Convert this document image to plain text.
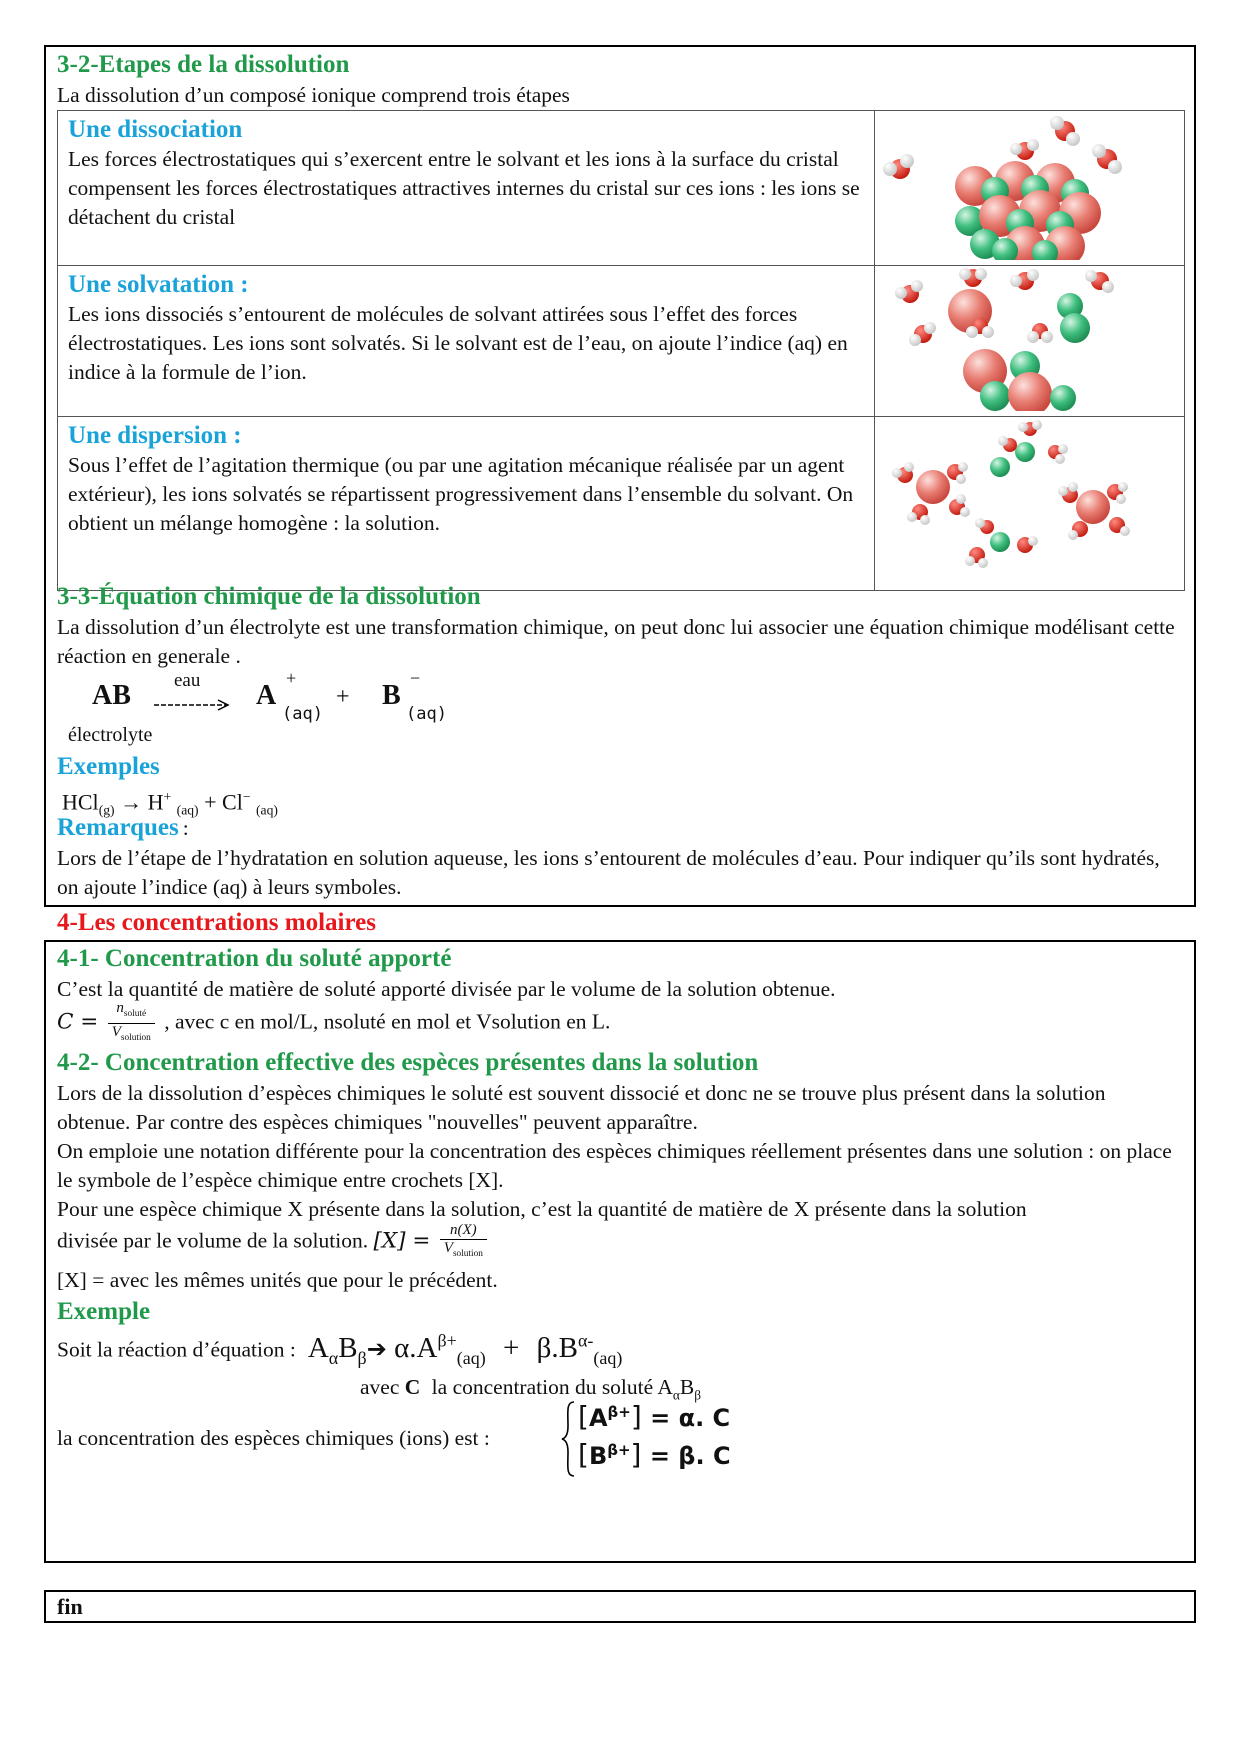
3-2-Etapes de la dissolution
La dissolution d’un composé ionique comprend trois étapes
Une dissociation
Les forces électrostatiques qui s’exercent entre le solvant et les ions à la surface du cristal compensent les forces électrostatiques attractives internes du cristal sur ces ions : les ions se détachent du cristal

Une solvatation :
Les ions dissociés s’entourent de molécules de solvant attirées sous l’effet des forces électrostatiques. Les ions sont solvatés. Si le solvant est de l’eau, on ajoute l’indice (aq) en indice à la formule de l’ion.

Une dispersion :
Sous l’effet de l’agitation thermique (ou par une agitation mécanique réalisée par un agent extérieur), les ions solvatés se répartissent progressivement dans l’ensemble du solvant. On obtient un mélange homogène : la solution.

3-3-Équation chimique de la dissolution
La dissolution d’un électrolyte est une transformation chimique, on peut donc lui associer une équation chimique modélisant cette réaction en generale .
AB eau A
+
(aq)
+ B
−
(aq)
électrolyte
Exemples
HCl$_{(g)}$ → H+ $_{(aq)}$ + Cl− $_{(aq)}$
Remarques :
Lors de l’étape de l’hydratation en solution aqueuse, les ions s’entourent de molécules d’eau. Pour indiquer qu’ils sont hydratés, on ajoute l’indice (aq) à leurs symboles.
4-Les concentrations molaires
4-1- Concentration du soluté apporté
C’est la quantité de matière de soluté apporté divisée par le volume de la solution obtenue.
$C = \frac{n_{soluté}}{V_{solution}}$ , avec c en mol/L, nsoluté en mol et Vsolution en L.
4-2- Concentration effective des espèces présentes dans la solution
Lors de la dissolution d’espèces chimiques le soluté est souvent dissocié et donc ne se trouve plus présent dans la solution obtenue. Par contre des espèces chimiques "nouvelles" peuvent apparaître.
On emploie une notation différente pour la concentration des espèces chimiques réellement présentes dans une solution : on place le symbole de l’espèce chimique entre crochets [X].
Pour une espèce chimique X présente dans la solution, c’est la quantité de matière de X présente dans la solution
divisée par le volume de la solution. $[X] = \frac{n(X)}{V_{solution}}$
[X] = avec les mêmes unités que pour le précédent.
Exemple
Soit la réaction d’équation : $A_\alpha B_\beta➔$ $\alpha.A^{\beta+}_{(aq)} + \beta.B^{\alpha-}_{(aq)}$
avec C la concentration du soluté $A_\alpha B_\beta$
la concentration des espèces chimiques (ions) est :
$[A^{\beta+}] = \alpha$. C
$[B^{\beta+}] = \beta$. C
fin
